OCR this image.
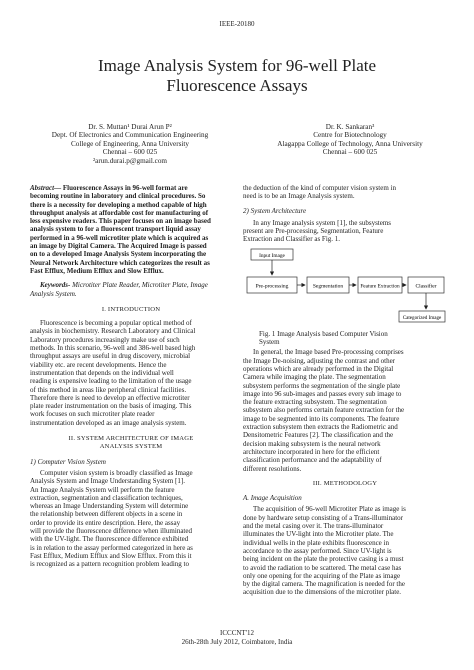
IEEE-20180
Image Analysis System for 96-well Plate
Fluorescence Assays
Dr. S. Muttan¹ Durai Arun P²
Dept. Of Electronics and Communication Engineering
College of Engineering, Anna University
Chennai – 600 025
²arun.durai.p@gmail.com
Dr. K. Sankaran³
Centre for Biotechnology
Alagappa College of Technology, Anna University
Chennai – 600 025
Abstract— Fluorescence Assays in 96-well format are
becoming routine in laboratory and clinical procedures. So
there is a necessity for developing a method capable of high
throughput analysis at affordable cost for manufacturing of
less expensive readers. This paper focuses on an image based
analysis system to for a fluorescent transport liquid assay
performed in a 96-well microtiter plate which is acquired as
an image by Digital Camera. The Acquired Image is passed
on to a developed Image Analysis System incorporating the
Neural Network Architecture which categorizes the result as
Fast Efflux, Medium Efflux and Slow Efflux.
Keywords- Microtiter Plate Reader, Microtiter Plate, Image
Analysis System.
I. INTRODUCTION
Fluorescence is becoming a popular optical method of
analysis in biochemistry. Research Laboratory and Clinical
Laboratory procedures increasingly make use of such
methods. In this scenario, 96-well and 386-well based high
throughput assays are useful in drug discovery, microbial
viability etc. are recent developments. Hence the
instrumentation that depends on the individual well
reading is expensive leading to the limitation of the usage
of this method in areas like peripheral clinical facilities.
Therefore there is need to develop an effective microtiter
plate reader instrumentation on the basis of imaging. This
work focuses on such microtiter plate reader
instrumentation developed as an image analysis system.
II. SYSTEM ARCHITECTURE OF IMAGE
ANALYSIS SYSTEM
1) Computer Vision System
Computer vision system is broadly classified as Image
Analysis System and Image Understanding System [1].
An Image Analysis System will perform the feature
extraction, segmentation and classification techniques,
whereas an Image Understanding System will determine
the relationship between different objects in a scene in
order to provide its entire description. Here, the assay
will provide the fluorescence difference when illuminated
with the UV-light. The fluorescence difference exhibited
is in relation to the assay performed categorized in here as
Fast Efflux, Medium Efflux and Slow Efflux. From this it
is recognized as a pattern recognition problem leading to
the deduction of the kind of computer vision system in
need is to be an Image Analysis system.
2) System Architecture
In any Image analysis system [1], the subsystems
present are Pre-processing, Segmentation, Feature
Extraction and Classifier as Fig. 1.
Input Image
Pre-processing	Segmentation	Feature Extraction	Classifier
Categorized Image
Fig. 1 Image Analysis based Computer Vision
System
In general, the Image based Pre-processing comprises
the Image De-noising, adjusting the contrast and other
operations which are already performed in the Digital
Camera while imaging the plate. The segmentation
subsystem performs the segmentation of the single plate
image into 96 sub-images and passes every sub image to
the feature extracting subsystem. The segmentation
subsystem also performs certain feature extraction for the
image to be segmented into its components. The feature
extraction subsystem then extracts the Radiometric and
Densitometric Features [2]. The classification and the
decision making subsystem is the neural network
architecture incorporated in here for the efficient
classification performance and the adaptability of
different resolutions.
III. METHODOLOGY
A. Image Acquisition
The acquisition of 96-well Microtiter Plate as image is
done by hardware setup consisting of a Trans-illuminator
and the metal casing over it. The trans-illuminator
illuminates the UV-light into the Microtiter plate. The
individual wells in the plate exhibits fluorescence in
accordance to the assay performed. Since UV-light is
being incident on the plate the protective casing is a must
to avoid the radiation to be scattered. The metal case has
only one opening for the acquiring of the Plate as image
by the digital camera. The magnification is needed for the
acquisition due to the dimensions of the microtiter plate.
ICCCNT'12
26th-28th July 2012, Coimbatore, India
